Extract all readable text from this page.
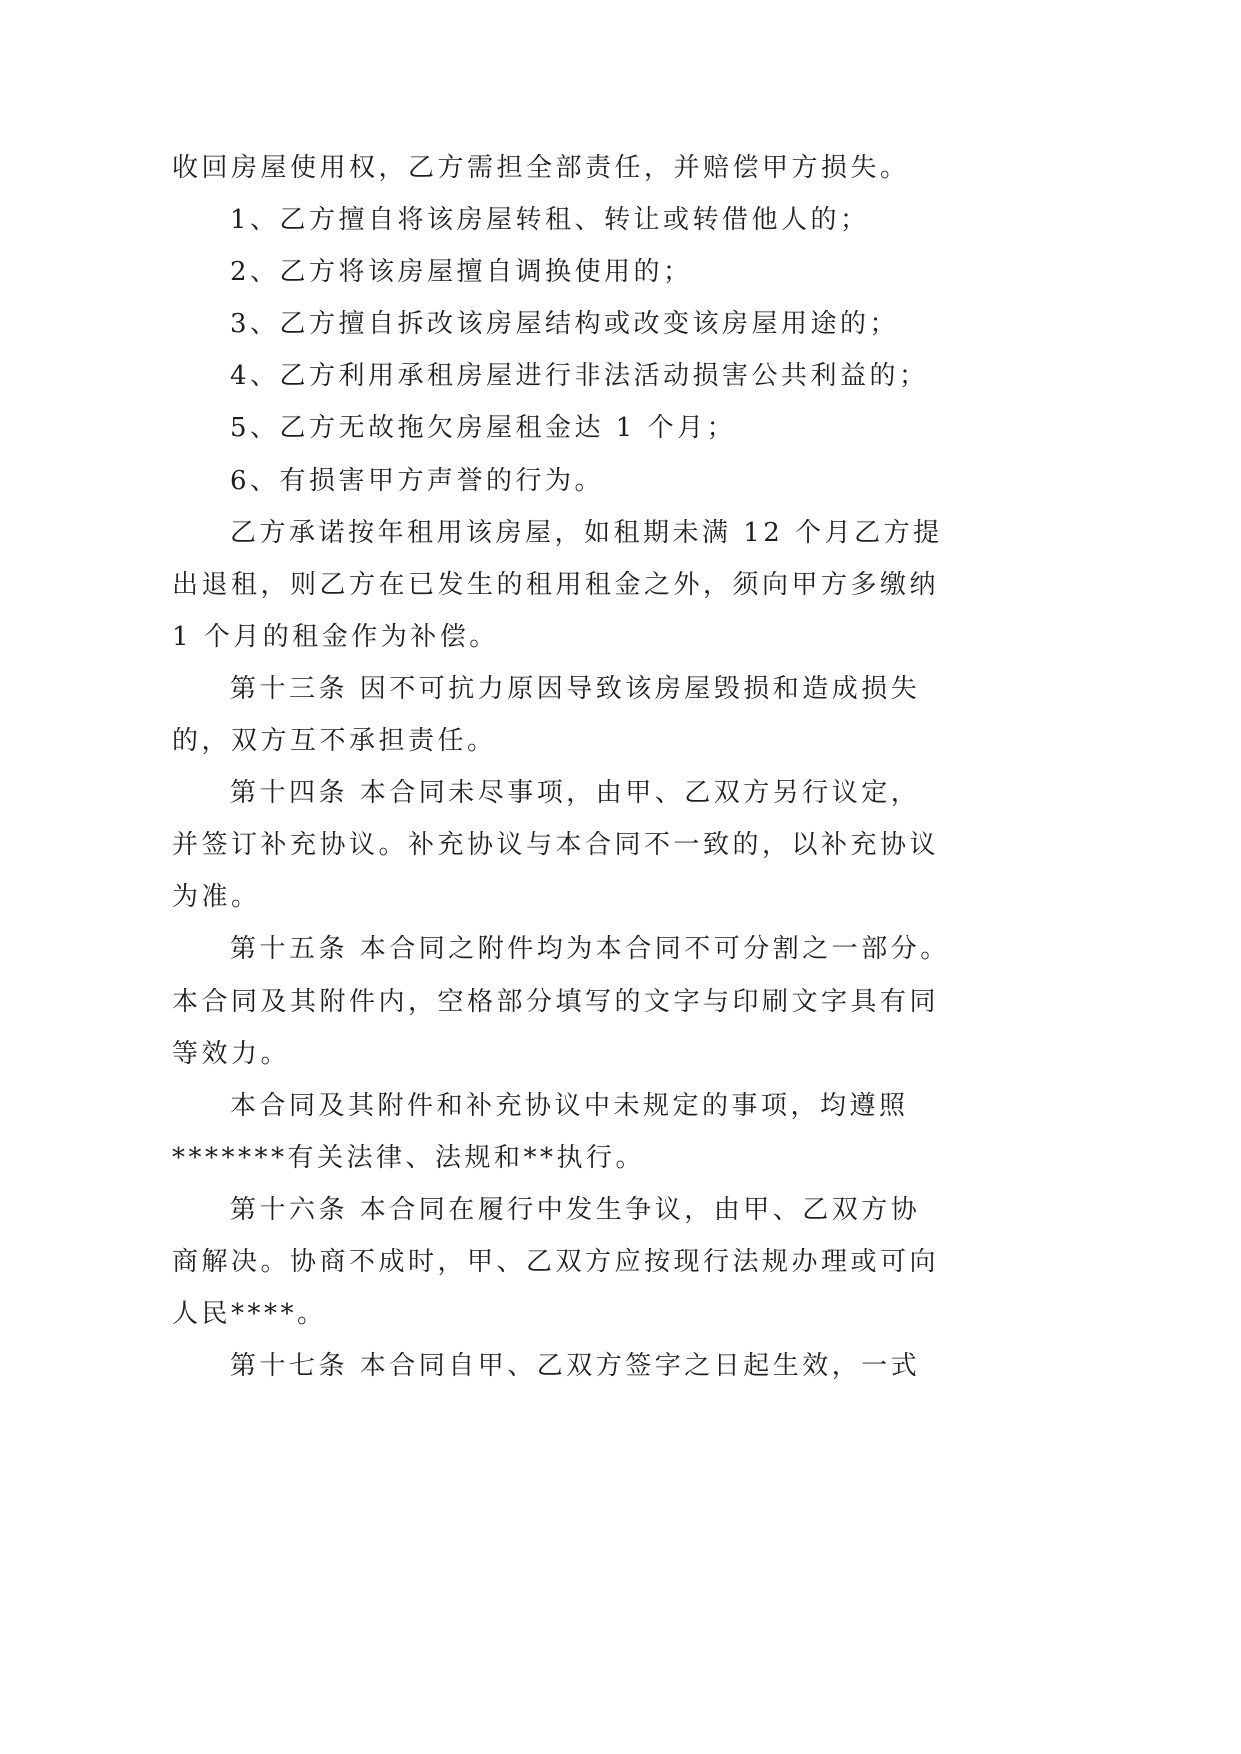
收回房屋使用权，乙方需担全部责任，并赔偿甲方损失。
1、乙方擅自将该房屋转租、转让或转借他人的；
2、乙方将该房屋擅自调换使用的；
3、乙方擅自拆改该房屋结构或改变该房屋用途的；
4、乙方利用承租房屋进行非法活动损害公共利益的；
5、乙方无故拖欠房屋租金达 1 个月；
6、有损害甲方声誉的行为。
乙方承诺按年租用该房屋，如租期未满 12 个月乙方提
出退租，则乙方在已发生的租用租金之外，须向甲方多缴纳
1 个月的租金作为补偿。
第十三条 因不可抗力原因导致该房屋毁损和造成损失
的，双方互不承担责任。
第十四条 本合同未尽事项，由甲、乙双方另行议定，
并签订补充协议。补充协议与本合同不一致的，以补充协议
为准。
第十五条 本合同之附件均为本合同不可分割之一部分。
本合同及其附件内，空格部分填写的文字与印刷文字具有同
等效力。
本合同及其附件和补充协议中未规定的事项，均遵照
*******有关法律、法规和**执行。
第十六条 本合同在履行中发生争议，由甲、乙双方协
商解决。协商不成时，甲、乙双方应按现行法规办理或可向
人民****。
第十七条 本合同自甲、乙双方签字之日起生效，一式
